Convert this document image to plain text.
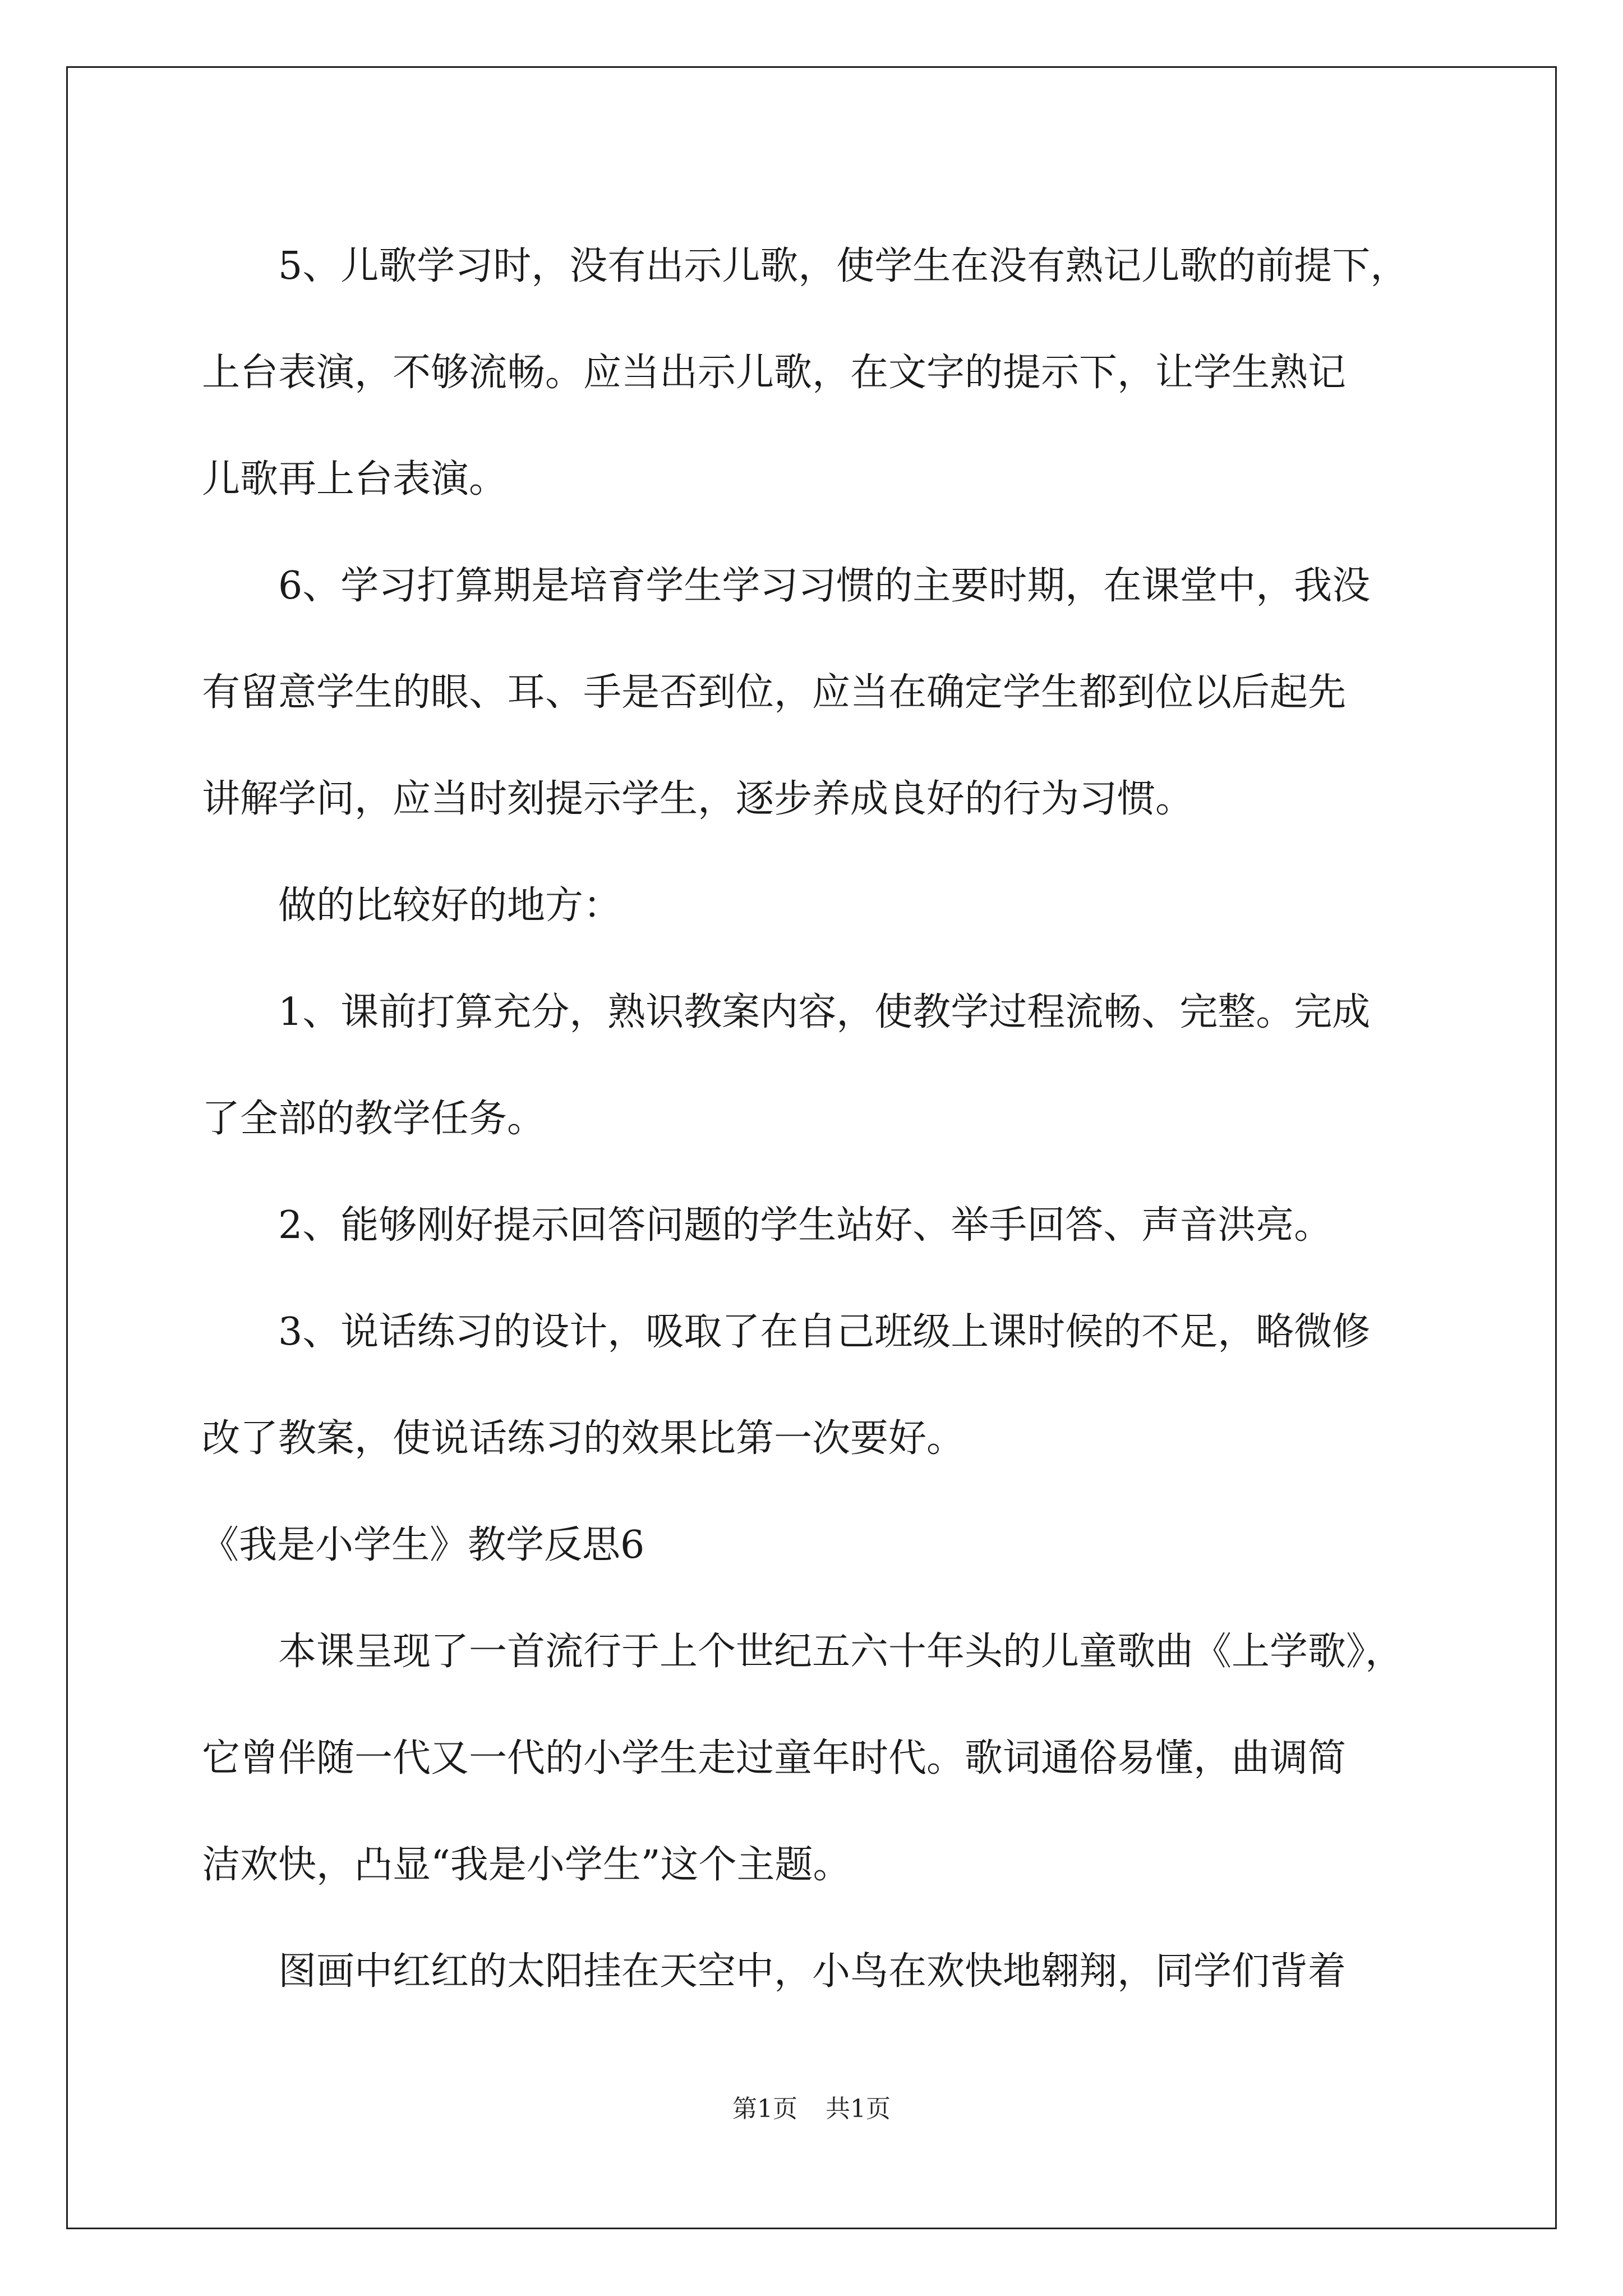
5、儿歌学习时，没有出示儿歌，使学生在没有熟记儿歌的前提下，
上台表演，不够流畅。应当出示儿歌，在文字的提示下，让学生熟记
儿歌再上台表演。
6、学习打算期是培育学生学习习惯的主要时期，在课堂中，我没
有留意学生的眼、耳、手是否到位，应当在确定学生都到位以后起先
讲解学问，应当时刻提示学生，逐步养成良好的行为习惯。
做的比较好的地方：
1、课前打算充分，熟识教案内容，使教学过程流畅、完整。完成
了全部的教学任务。
2、能够刚好提示回答问题的学生站好、举手回答、声音洪亮。
3、说话练习的设计，吸取了在自己班级上课时候的不足，略微修
改了教案，使说话练习的效果比第一次要好。
《我是小学生》教学反思6
本课呈现了一首流行于上个世纪五六十年头的儿童歌曲《上学歌》，
它曾伴随一代又一代的小学生走过童年时代。歌词通俗易懂，曲调简
洁欢快，凸显“我是小学生”这个主题。
图画中红红的太阳挂在天空中，小鸟在欢快地翱翔，同学们背着
第1页 共1页
